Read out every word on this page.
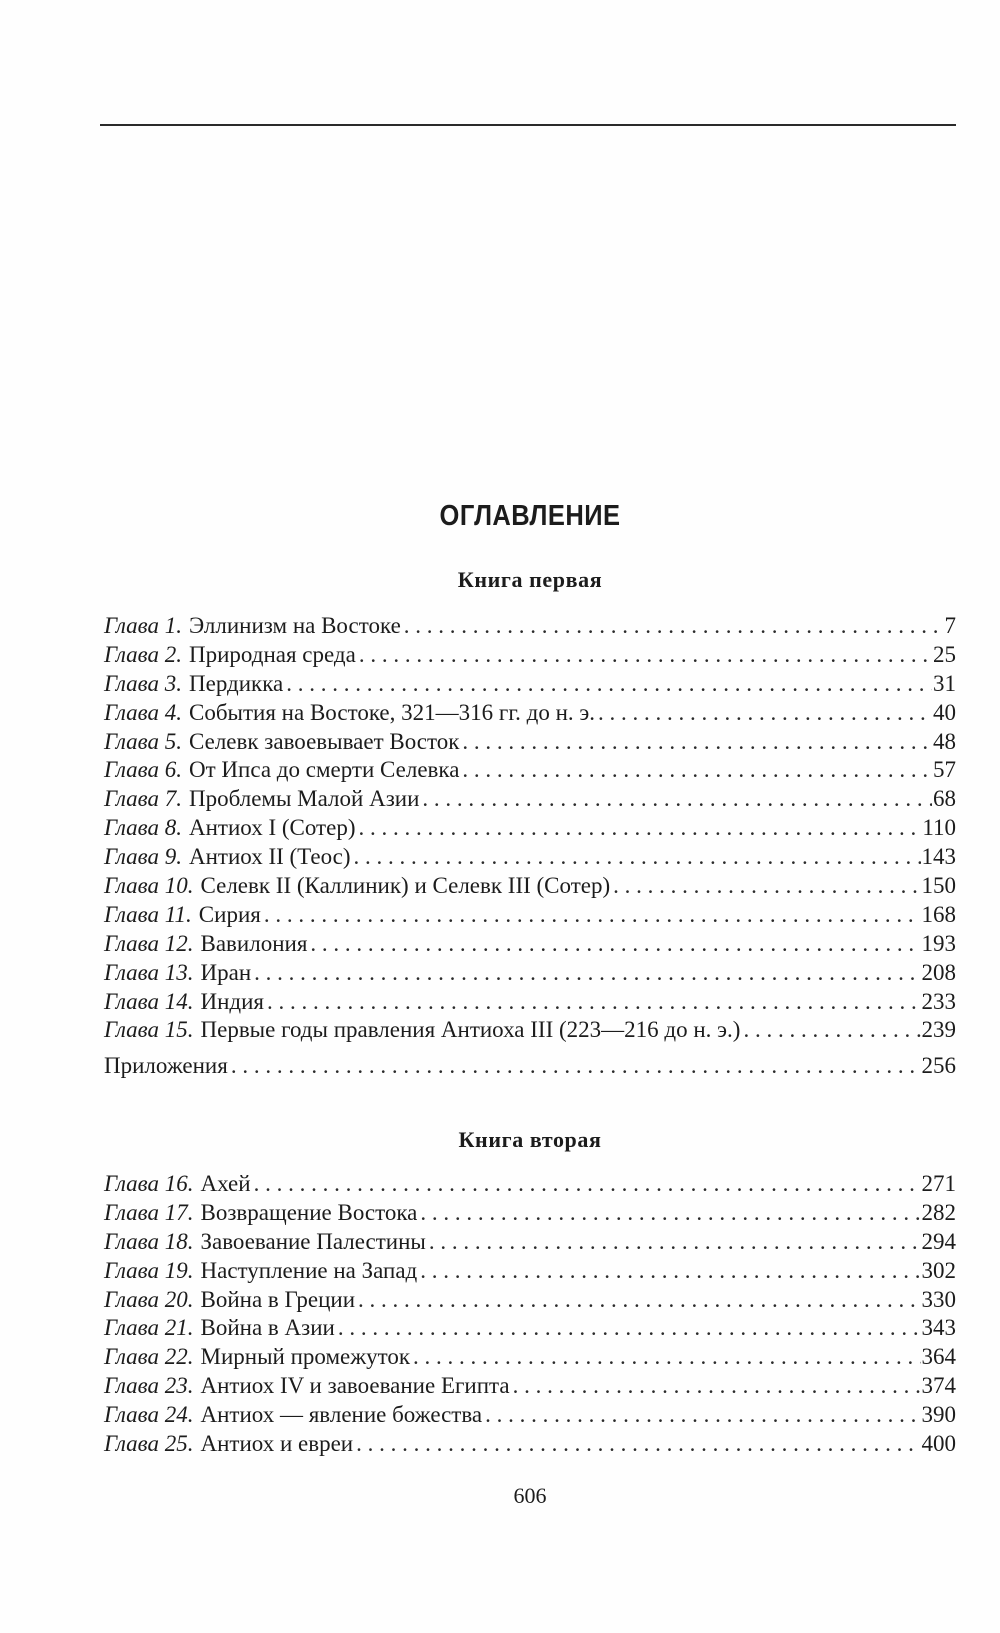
ОГЛАВЛЕНИЕ
Книга первая
Глава 1. Эллинизм на Востоке . . .	7
Глава 2. Природная среда . . .	25
Глава 3. Пердикка . . .	31
Глава 4. События на Востоке, 321—316 гг. до н. э. . . .	40
Глава 5. Селевк завоевывает Восток . . .	48
Глава 6. От Ипса до смерти Селевка . . .	57
Глава 7. Проблемы Малой Азии . . .	68
Глава 8. Антиох I (Сотер) . . .	110
Глава 9. Антиох II (Теос) . . .	143
Глава 10. Селевк II (Каллиник) и Селевк III (Сотер) . . .	150
Глава 11. Сирия . . .	168
Глава 12. Вавилония . . .	193
Глава 13. Иран . . .	208
Глава 14. Индия . . .	233
Глава 15. Первые годы правления Антиоха III (223—216 до н. э.) . . .	239
Приложения . . .	256
Книга вторая
Глава 16. Ахей . . .	271
Глава 17. Возвращение Востока . . .	282
Глава 18. Завоевание Палестины . . .	294
Глава 19. Наступление на Запад . . .	302
Глава 20. Война в Греции . . .	330
Глава 21. Война в Азии . . .	343
Глава 22. Мирный промежуток . . .	364
Глава 23. Антиох IV и завоевание Египта . . .	374
Глава 24. Антиох — явление божества . . .	390
Глава 25. Антиох и евреи . . .	400
606
